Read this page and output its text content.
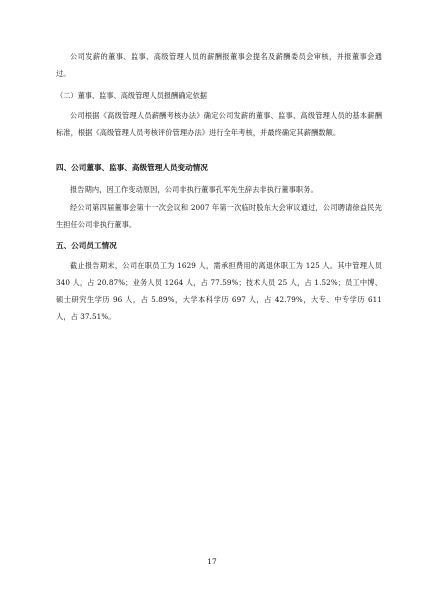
公司发薪的董事、监事、高级管理人员的薪酬报董事会提名及薪酬委员会审核，并报董事会通过。

（二）董事、监事、高级管理人员报酬确定依据

公司根据《高级管理人员薪酬考核办法》确定公司发薪的董事、监事、高级管理人员的基本薪酬标准，根据《高级管理人员考核评价管理办法》进行全年考核，并最终确定其薪酬数额。

四、公司董事、监事、高级管理人员变动情况

报告期内，因工作变动原因，公司非执行董事孔军先生辞去非执行董事职务。

经公司第四届董事会第十一次会议和 2007 年第一次临时股东大会审议通过，公司聘请徐益民先生担任公司非执行董事。

五、公司员工情况

截止报告期末，公司在职员工为 1629 人，需承担费用的离退休职工为 125 人。其中管理人员 340 人，占 20.87%；业务人员 1264 人，占 77.59%；技术人员 25 人，占 1.52%；员工中博、硕士研究生学历 96 人，占 5.89%，大学本科学历 697 人，占 42.79%，大专、中专学历 611 人，占 37.51%。

17
